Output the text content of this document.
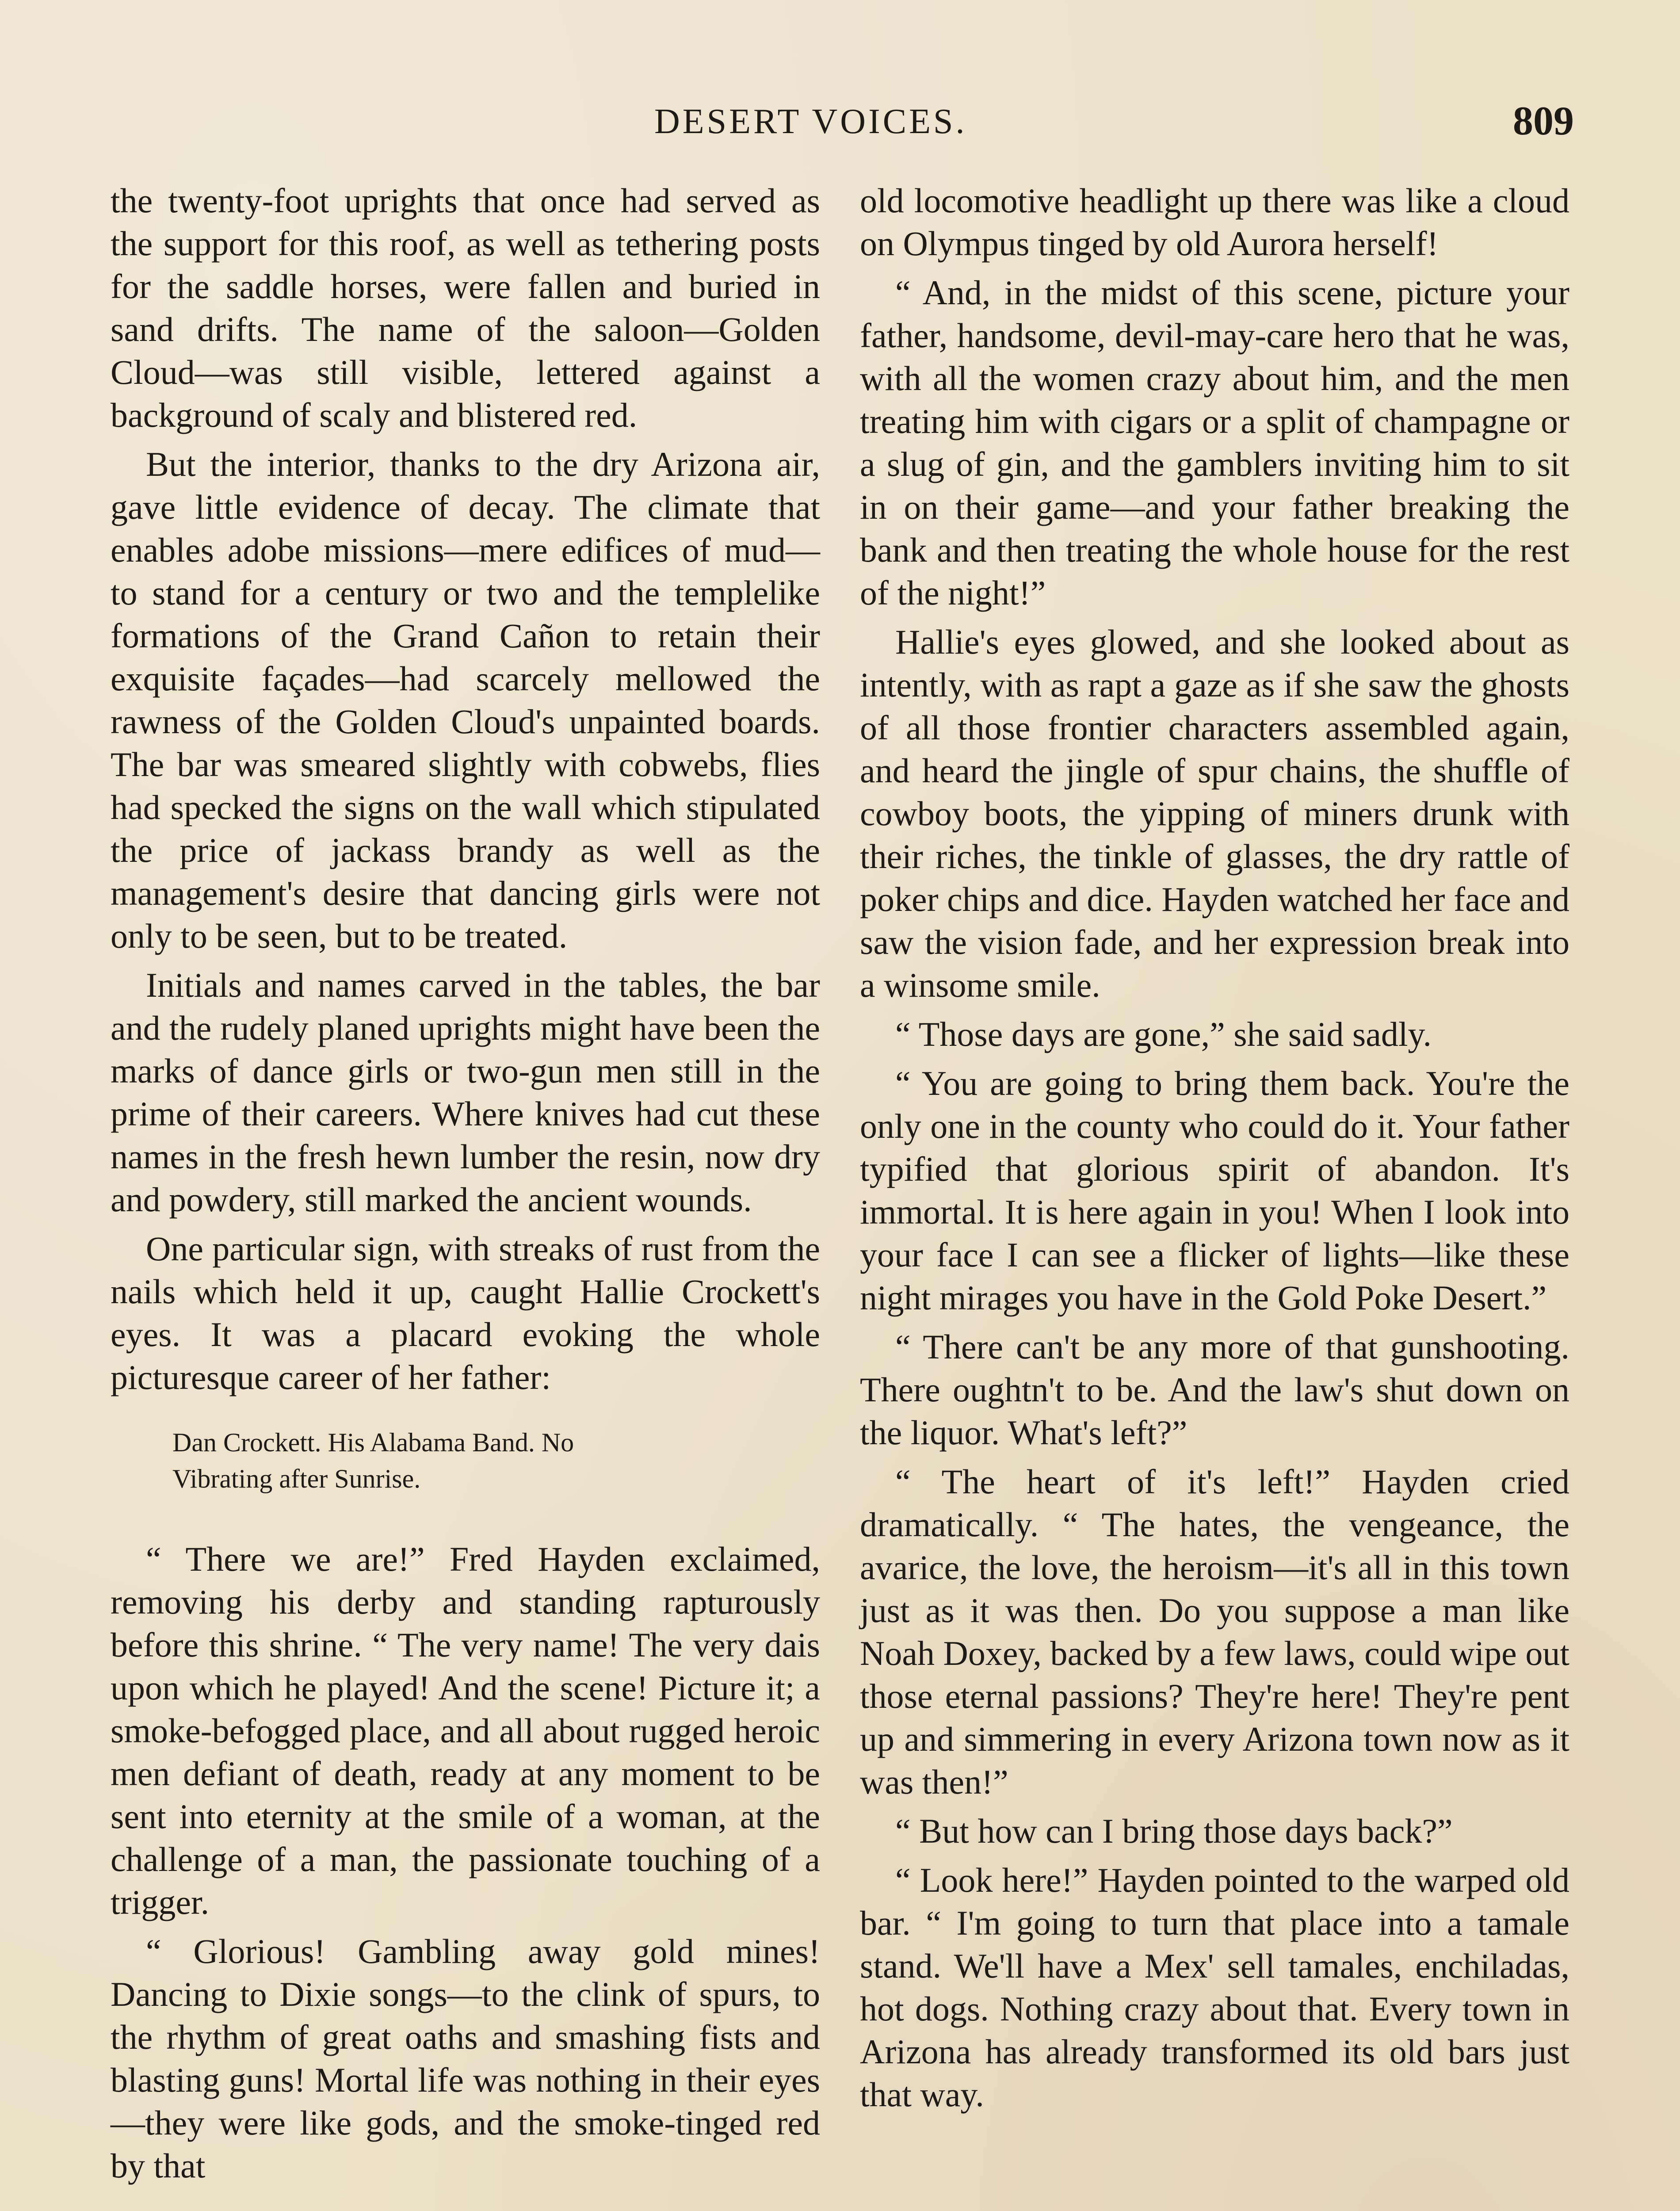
DESERT VOICES.	809

the twenty-foot uprights that once had served as the support for this roof, as well as tethering posts for the saddle horses, were fallen and buried in sand drifts. The name of the saloon—Golden Cloud—was still visible, lettered against a background of scaly and blistered red.

But the interior, thanks to the dry Arizona air, gave little evidence of decay. The climate that enables adobe missions—mere edifices of mud—to stand for a century or two and the templelike formations of the Grand Cañon to retain their exquisite façades—had scarcely mellowed the rawness of the Golden Cloud's unpainted boards. The bar was smeared slightly with cobwebs, flies had specked the signs on the wall which stipulated the price of jackass brandy as well as the management's desire that dancing girls were not only to be seen, but to be treated.

Initials and names carved in the tables, the bar and the rudely planed uprights might have been the marks of dance girls or two-gun men still in the prime of their careers. Where knives had cut these names in the fresh hewn lumber the resin, now dry and powdery, still marked the ancient wounds.

One particular sign, with streaks of rust from the nails which held it up, caught Hallie Crockett's eyes. It was a placard evoking the whole picturesque career of her father:

Dan Crockett. His Alabama Band. No
Vibrating after Sunrise.

“ There we are!” Fred Hayden exclaimed, removing his derby and standing rapturously before this shrine. “ The very name! The very dais upon which he played! And the scene! Picture it; a smoke-befogged place, and all about rugged heroic men defiant of death, ready at any moment to be sent into eternity at the smile of a woman, at the challenge of a man, the passionate touching of a trigger.

“ Glorious! Gambling away gold mines! Dancing to Dixie songs—to the clink of spurs, to the rhythm of great oaths and smashing fists and blasting guns! Mortal life was nothing in their eyes—they were like gods, and the smoke-tinged red by that

old locomotive headlight up there was like a cloud on Olympus tinged by old Aurora herself!

“ And, in the midst of this scene, picture your father, handsome, devil-may-care hero that he was, with all the women crazy about him, and the men treating him with cigars or a split of champagne or a slug of gin, and the gamblers inviting him to sit in on their game—and your father breaking the bank and then treating the whole house for the rest of the night!”

Hallie's eyes glowed, and she looked about as intently, with as rapt a gaze as if she saw the ghosts of all those frontier characters assembled again, and heard the jingle of spur chains, the shuffle of cowboy boots, the yipping of miners drunk with their riches, the tinkle of glasses, the dry rattle of poker chips and dice. Hayden watched her face and saw the vision fade, and her expression break into a winsome smile.

“ Those days are gone,” she said sadly.

“ You are going to bring them back. You're the only one in the county who could do it. Your father typified that glorious spirit of abandon. It's immortal. It is here again in you! When I look into your face I can see a flicker of lights—like these night mirages you have in the Gold Poke Desert.”

“ There can't be any more of that gunshooting. There oughtn't to be. And the law's shut down on the liquor. What's left?”

“ The heart of it's left!” Hayden cried dramatically. “ The hates, the vengeance, the avarice, the love, the heroism—it's all in this town just as it was then. Do you suppose a man like Noah Doxey, backed by a few laws, could wipe out those eternal passions? They're here! They're pent up and simmering in every Arizona town now as it was then!”

“ But how can I bring those days back?”

“ Look here!” Hayden pointed to the warped old bar. “ I'm going to turn that place into a tamale stand. We'll have a Mex' sell tamales, enchiladas, hot dogs. Nothing crazy about that. Every town in Arizona has already transformed its old bars just that way.
